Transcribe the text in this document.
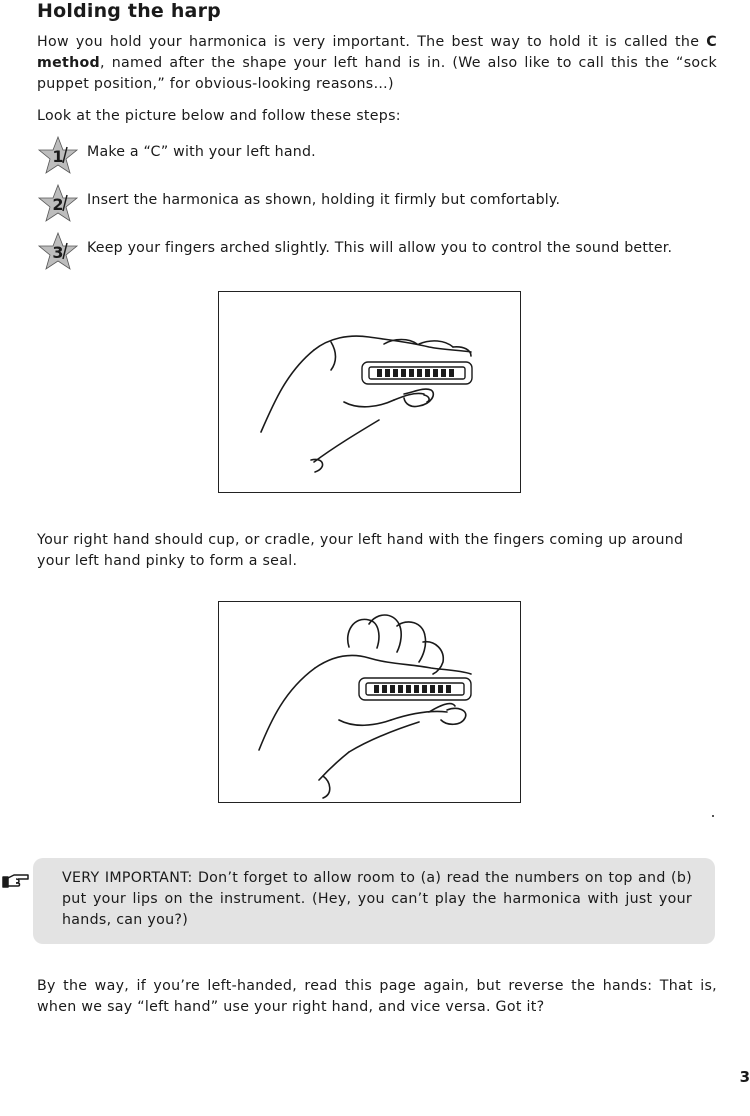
Holding the harp
How you hold your harmonica is very important. The best way to hold it is called the C method, named after the shape your left hand is in. (We also like to call this the “sock puppet position,” for obvious-looking reasons…)
Look at the picture below and follow these steps:
1 Make a “C” with your left hand.
2 Insert the harmonica as shown, holding it firmly but comfortably.
3 Keep your fingers arched slightly. This will allow you to control the sound better.
Your right hand should cup, or cradle, your left hand with the fingers coming up around your left hand pinky to form a seal.
VERY IMPORTANT: Don’t forget to allow room to (a) read the numbers on top and (b) put your lips on the instrument. (Hey, you can’t play the harmonica with just your hands, can you?)
By the way, if you’re left-handed, read this page again, but reverse the hands: That is, when we say “left hand” use your right hand, and vice versa. Got it?
3
